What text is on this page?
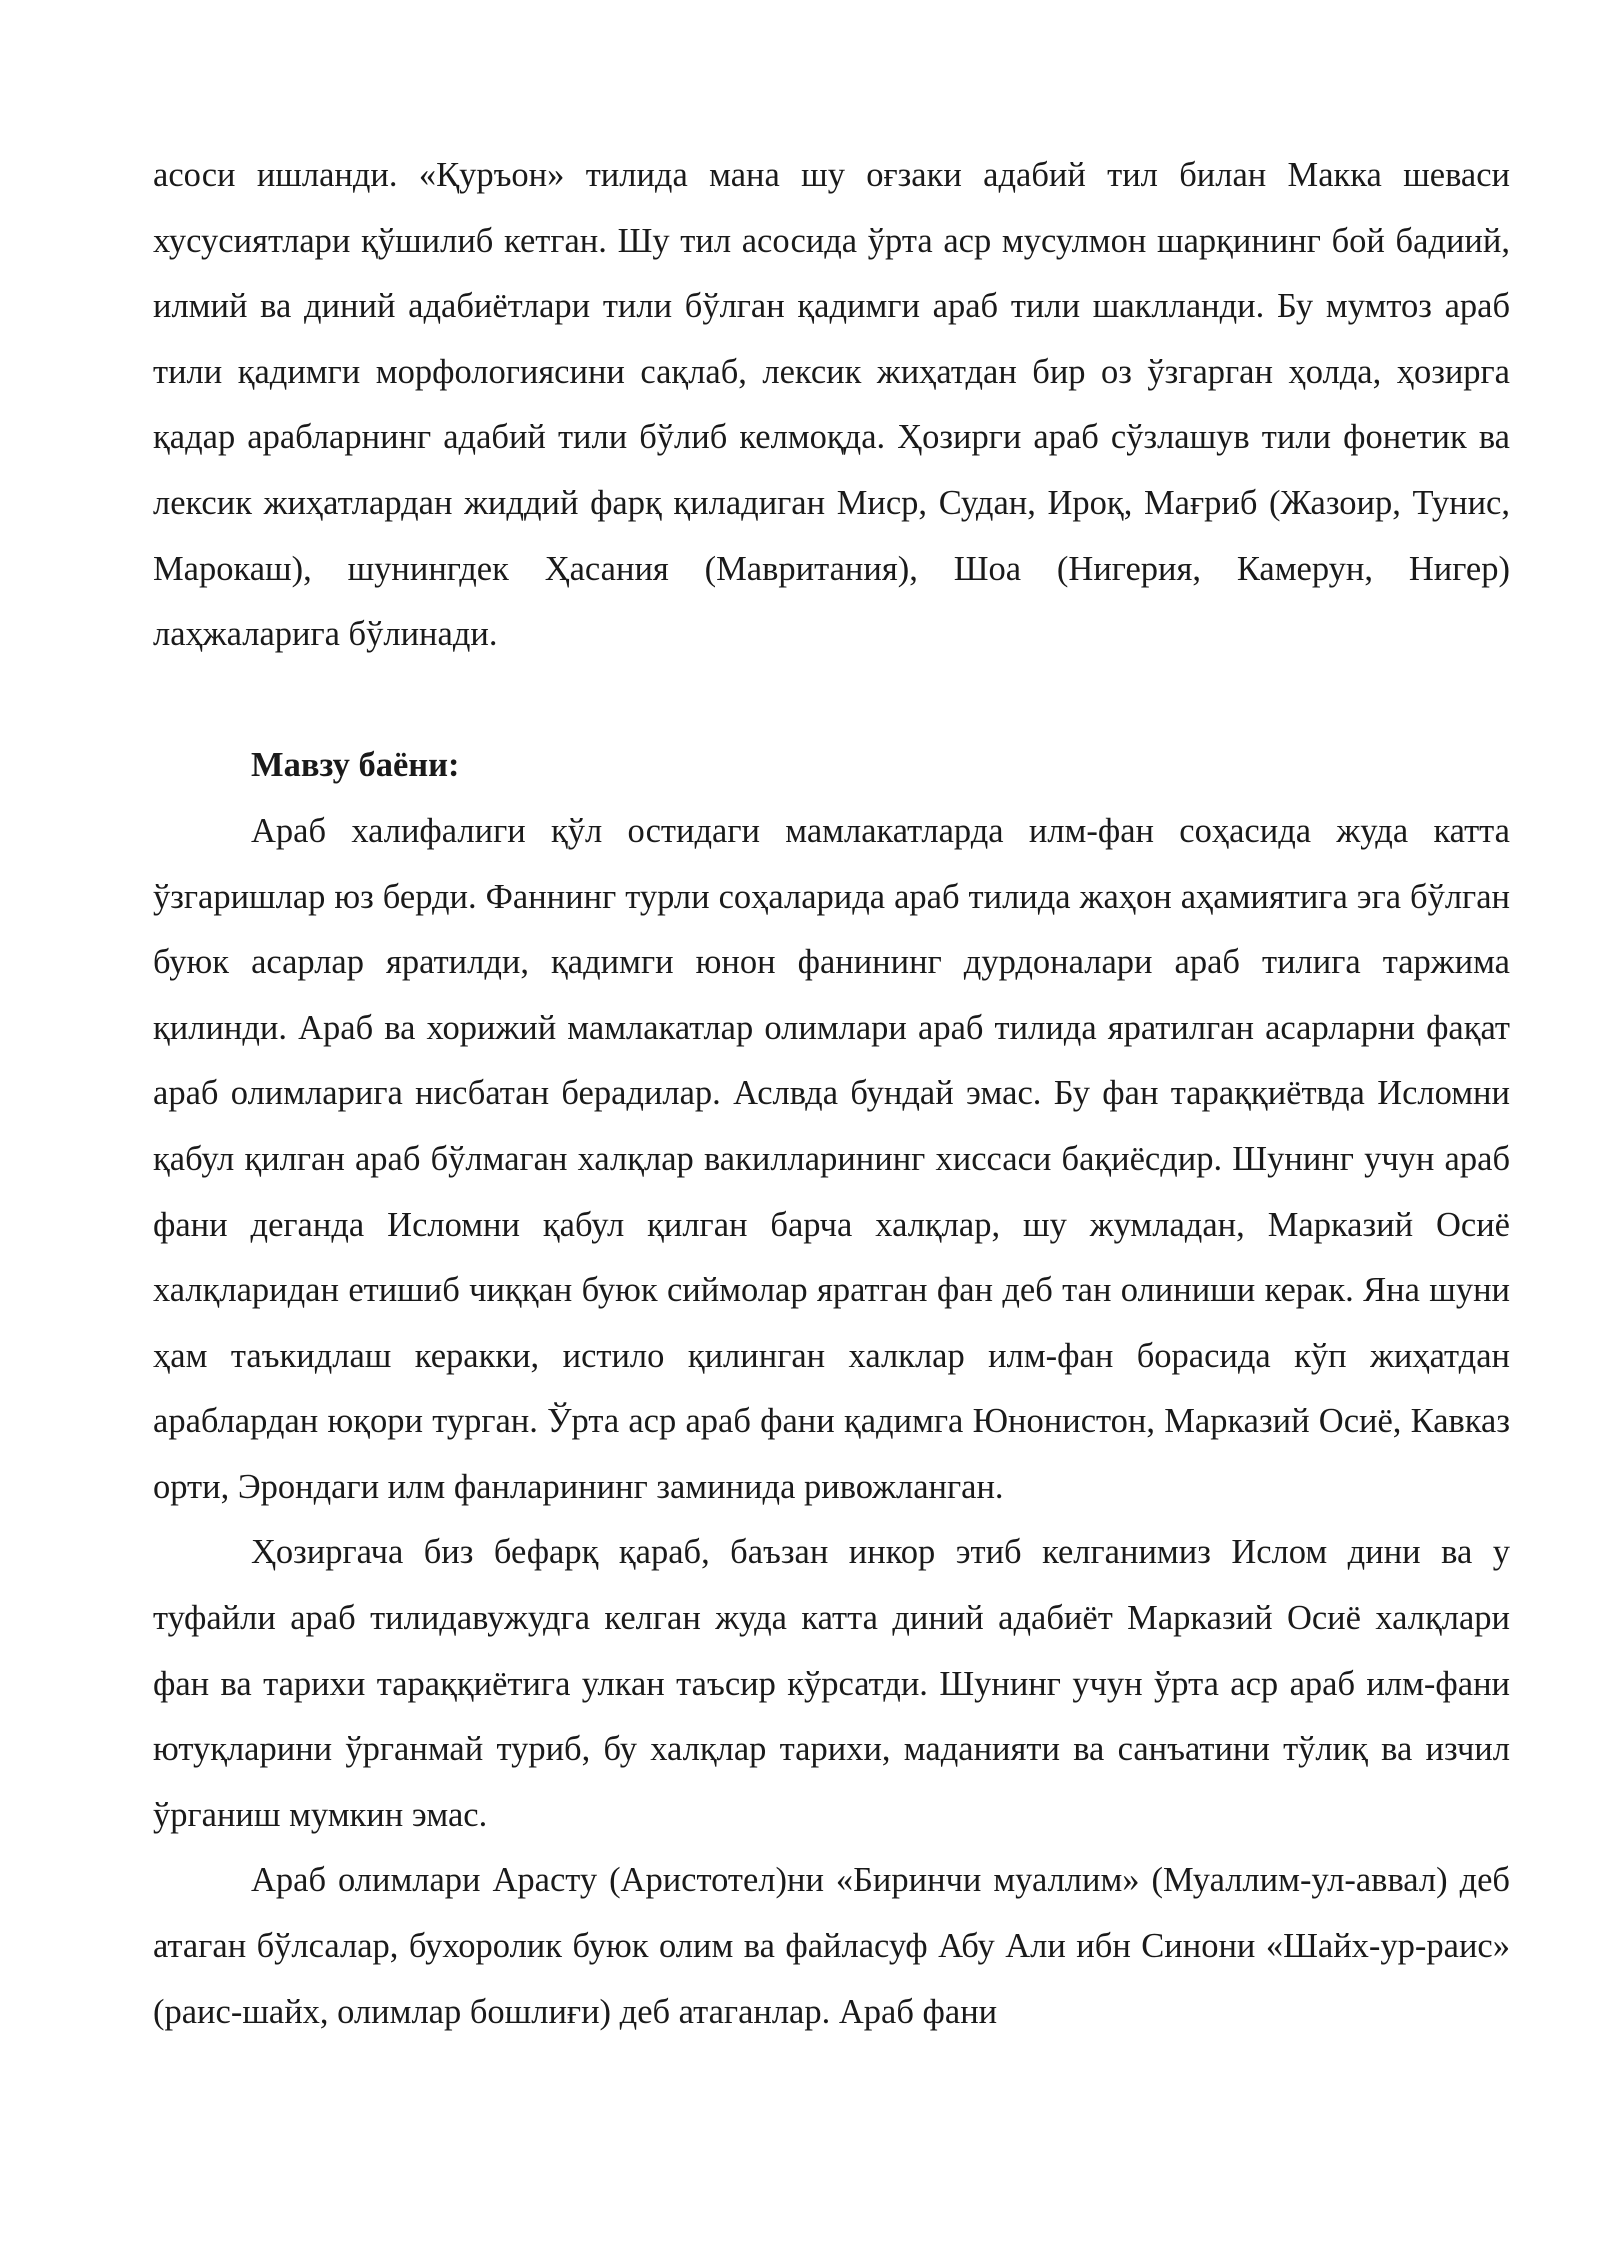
асоси ишланди. «Қуръон» тилида мана шу оғзаки адабий тил билан Макка шеваси хусусиятлари қўшилиб кетган. Шу тил асосида ўрта аср мусулмон шарқининг бой бадиий, илмий ва диний адабиётлари тили бўлган қадимги араб тили шаклланди. Бу мумтоз араб тили қадимги морфологиясини сақлаб, лексик жиҳатдан бир оз ўзгарган ҳолда, ҳозирга қадар арабларнинг адабий тили бўлиб келмоқда. Ҳозирги араб сўзлашув тили фонетик ва лексик жиҳатлардан жиддий фарқ қиладиган Миср, Судан, Ироқ, Мағриб (Жазоир, Тунис, Марокаш), шунингдек Ҳасания (Мавритания), Шоа (Нигерия, Камерун, Нигер) лаҳжаларига бўлинади.

Мавзу баёни:

Араб халифалиги қўл остидаги мамлакатларда илм-фан соҳасида жуда катта ўзгаришлар юз берди. Фаннинг турли соҳаларида араб тилида жаҳон аҳамиятига эга бўлган буюк асарлар яратилди, қадимги юнон фанининг дурдоналари араб тилига таржима қилинди. Араб ва хорижий мамлакатлар олимлари араб тилида яратилган асарларни фақат араб олимларига нисбатан берадилар. Аслвда бундай эмас. Бу фан тараққиётвда Исломни қабул қилган араб бўлмаган халқлар вакилларининг хиссаси бақиёсдир. Шунинг учун араб фани деганда Исломни қабул қилган барча халқлар, шу жумладан, Марказий Осиё халқларидан етишиб чиққан буюк сиймолар яратган фан деб тан олиниши керак. Яна шуни ҳам таъкидлаш керакки, истило қилинган халклар илм-фан борасида кўп жиҳатдан араблардан юқори турган. Ўрта аср араб фани қадимга Юнонистон, Марказий Осиё, Кавказ орти, Эрондаги илм фанларининг заминида ривожланган.

Ҳозиргача биз бефарқ қараб, баъзан инкор этиб келганимиз Ислом дини ва у туфайли араб тилидавужудга келган жуда катта диний адабиёт Марказий Осиё халқлари фан ва тарихи тараққиётига улкан таъсир кўрсатди. Шунинг учун ўрта аср араб илм-фани ютуқларини ўрганмай туриб, бу халқлар тарихи, маданияти ва санъатини тўлиқ ва изчил ўрганиш мумкин эмас.

Араб олимлари Арасту (Аристотел)ни «Биринчи муаллим» (Муаллим-ул-аввал) деб атаган бўлсалар, бухоролик буюк олим ва файласуф Абу Али ибн Синони «Шайх-ур-раис» (раис-шайх, олимлар бошлиғи) деб атаганлар. Араб фани
